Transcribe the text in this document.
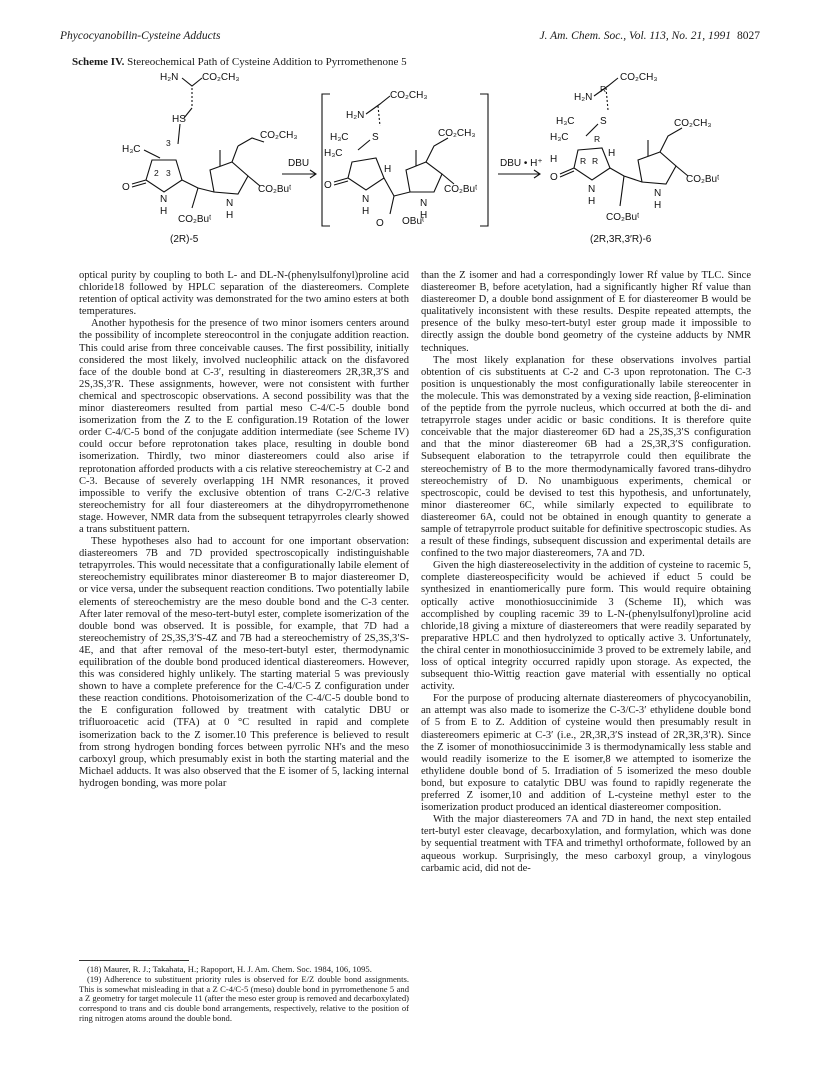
Phycocyanobilin-Cysteine Adducts	J. Am. Chem. Soc., Vol. 113, No. 21, 1991 8027
Scheme IV. Stereochemical Path of Cysteine Addition to Pyrromethenone 5
H₂N CO₂CH₃
HS
H₃C
3
2 3
O
N
H
CO₂Buᵗ
CO₂CH₃
N
H
CO₂Buᵗ
(2R)-5
DBU
CO₂CH₃
H₂N
S
H₃C
H₃C
O
H
N
H
O OBuᵗ
CO₂CH₃
N
H
CO₂Buᵗ
DBU • H⁺
CO₂CH₃
H₂N
R
S
H₃C
H₃C	R
H	R R
H
O
N
H
CO₂Buᵗ
CO₂CH₃
N
H
CO₂Buᵗ
(2R,3R,3′R)-6

optical purity by coupling to both L- and DL-N-(phenylsulfonyl)proline acid chloride18 followed by HPLC separation of the diastereomers. Complete retention of optical activity was demonstrated for the two amino esters at both temperatures.

Another hypothesis for the presence of two minor isomers centers around the possibility of incomplete stereocontrol in the conjugate addition reaction. This could arise from three conceivable causes. The first possibility, initially considered the most likely, involved nucleophilic attack on the disfavored face of the double bond at C-3′, resulting in diastereomers 2R,3R,3′S and 2S,3S,3′R. These assignments, however, were not consistent with further chemical and spectroscopic observations. A second possibility was that the minor diastereomers resulted from partial meso C-4/C-5 double bond isomerization from the Z to the E configuration.19 Rotation of the lower order C-4/C-5 bond of the conjugate addition intermediate (see Scheme IV) could occur before reprotonation takes place, resulting in double bond isomerization. Thirdly, two minor diastereomers could also arise if reprotonation afforded products with a cis relative stereochemistry at C-2 and C-3. Because of severely overlapping 1H NMR resonances, it proved impossible to verify the exclusive obtention of trans C-2/C-3 relative stereochemistry for all four diastereomers at the dihydropyrromethenone stage. However, NMR data from the subsequent tetrapyrroles clearly showed a trans substituent pattern.

These hypotheses also had to account for one important observation: diastereomers 7B and 7D provided spectroscopically indistinguishable tetrapyrroles. This would necessitate that a configurationally labile element of stereochemistry equilibrates minor diastereomer B to major diastereomer D, or vice versa, under the subsequent reaction conditions. Two potentially labile elements of stereochemistry are the meso double bond and the C-3 center. After later removal of the meso-tert-butyl ester, complete isomerization of the double bond was observed. It is possible, for example, that 7D had a stereochemistry of 2S,3S,3′S-4Z and 7B had a stereochemistry of 2S,3S,3′S-4E, and that after removal of the meso-tert-butyl ester, thermodynamic equilibration of the double bond produced identical diastereomers. However, this was considered highly unlikely. The starting material 5 was previously shown to have a complete preference for the C-4/C-5 Z configuration under these reaction conditions. Photoisomerization of the C-4/C-5 double bond to the E configuration followed by treatment with catalytic DBU or trifluoroacetic acid (TFA) at 0 °C resulted in rapid and complete isomerization back to the Z isomer.10 This preference is believed to result from strong hydrogen bonding forces between pyrrolic NH's and the meso carboxyl group, which presumably exist in both the starting material and the Michael adducts. It was also observed that the E isomer of 5, lacking internal hydrogen bonding, was more polar

than the Z isomer and had a correspondingly lower Rf value by TLC. Since diastereomer B, before acetylation, had a significantly higher Rf value than diastereomer D, a double bond assignment of E for diastereomer B would be qualitatively inconsistent with these results. Despite repeated attempts, the presence of the bulky meso-tert-butyl ester group made it impossible to directly assign the double bond geometry of the cysteine adducts by NMR techniques.

The most likely explanation for these observations involves partial obtention of cis substituents at C-2 and C-3 upon reprotonation. The C-3 position is unquestionably the most configurationally labile stereocenter in the molecule. This was demonstrated by a vexing side reaction, β-elimination of the peptide from the pyrrole nucleus, which occurred at both the di- and tetrapyrrole stages under acidic or basic conditions. It is therefore quite conceivable that the major diastereomer 6D had a 2S,3S,3′S configuration and that the minor diastereomer 6B had a 2S,3R,3′S configuration. Subsequent elaboration to the tetrapyrrole could then equilibrate the stereochemistry of B to the more thermodynamically favored trans-dihydro stereochemistry of D. No unambiguous experiments, chemical or spectroscopic, could be devised to test this hypothesis, and unfortunately, minor diastereomer 6C, while similarly expected to equilibrate to diastereomer 6A, could not be obtained in enough quantity to generate a sample of tetrapyrrole product suitable for definitive spectroscopic studies. As a result of these findings, subsequent discussion and experimental details are confined to the two major diastereomers, 7A and 7D.

Given the high diastereoselectivity in the addition of cysteine to racemic 5, complete diastereospecificity would be achieved if educt 5 could be synthesized in enantiomerically pure form. This would require obtaining optically active monothiosuccinimide 3 (Scheme II), which was accomplished by coupling racemic 39 to L-N-(phenylsulfonyl)proline acid chloride,18 giving a mixture of diastereomers that were readily separated by preparative HPLC and then hydrolyzed to optically active 3. Unfortunately, the chiral center in monothiosuccinimide 3 proved to be extremely labile, and loss of optical integrity occurred rapidly upon storage. As expected, the subsequent thio-Wittig reaction gave material with essentially no optical activity.

For the purpose of producing alternate diastereomers of phycocyanobilin, an attempt was also made to isomerize the C-3/C-3′ ethylidene double bond of 5 from E to Z. Addition of cysteine would then presumably result in diastereomers epimeric at C-3′ (i.e., 2R,3R,3′S instead of 2R,3R,3′R). Since the Z isomer of monothiosuccinimide 3 is thermodynamically less stable and would readily isomerize to the E isomer,8 we attempted to isomerize the ethylidene double bond of 5. Irradiation of 5 isomerized the meso double bond, but exposure to catalytic DBU was found to rapidly regenerate the preferred Z isomer,10 and addition of L-cysteine methyl ester to the isomerization product produced an identical diastereomer composition.

With the major diastereomers 7A and 7D in hand, the next step entailed tert-butyl ester cleavage, decarboxylation, and formylation, which was done by sequential treatment with TFA and trimethyl orthoformate, followed by an aqueous workup. Surprisingly, the meso carboxyl group, a vinylogous carbamic acid, did not de-

(18) Maurer, R. J.; Takahata, H.; Rapoport, H. J. Am. Chem. Soc. 1984, 106, 1095.

(19) Adherence to substituent priority rules is observed for E/Z double bond assignments. This is somewhat misleading in that a Z C-4/C-5 (meso) double bond in pyrromethenone 5 and a Z geometry for target molecule 11 (after the meso ester group is removed and decarboxylated) correspond to trans and cis double bond arrangements, respectively, relative to the position of ring nitrogen atoms around the double bond.
